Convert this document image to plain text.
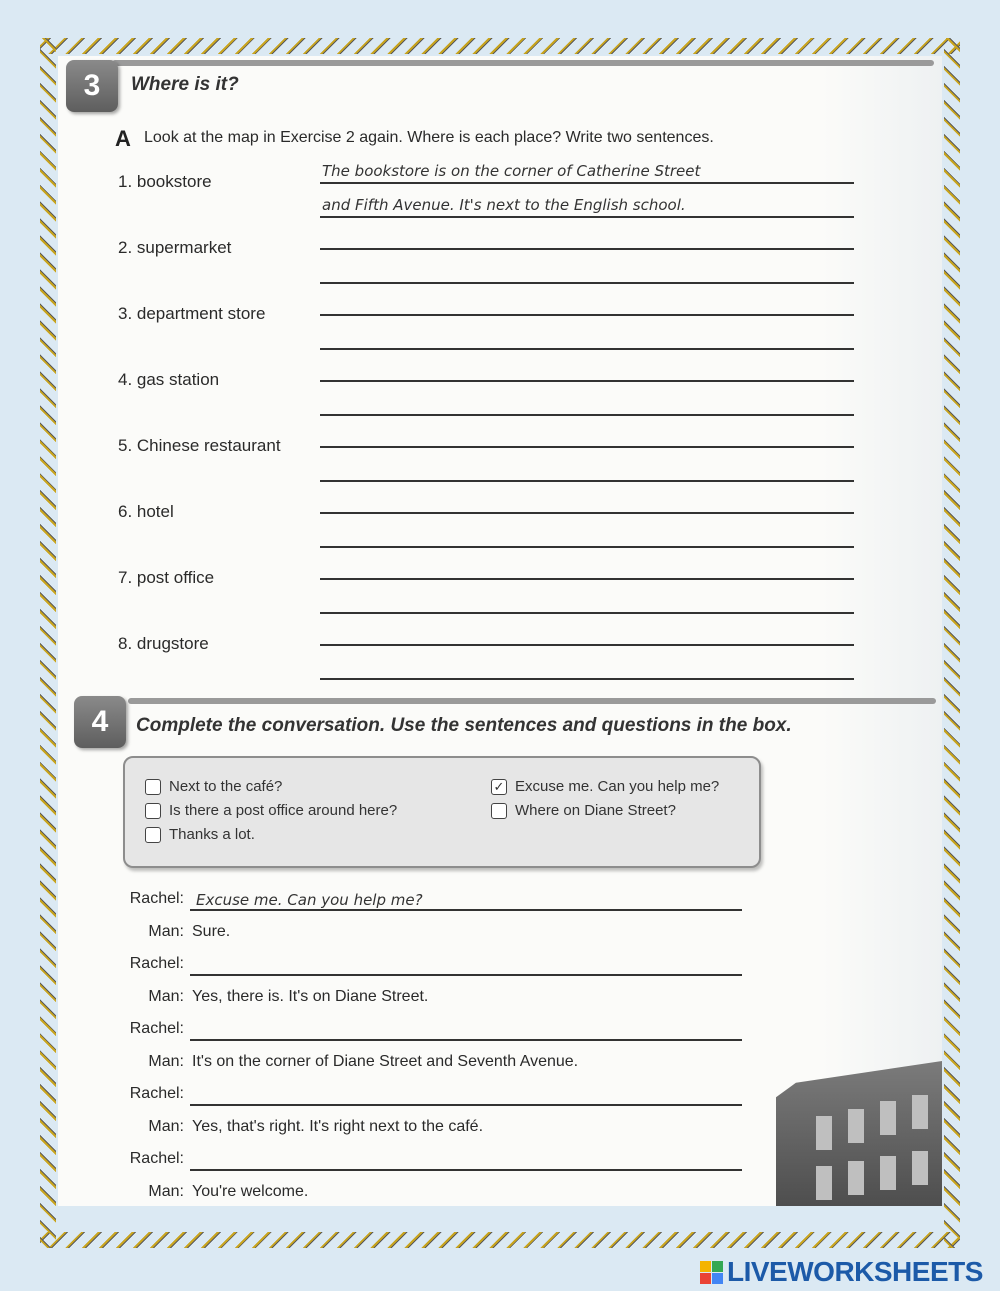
3	Where is it?
A Look at the map in Exercise 2 again. Where is each place? Write two sentences.
1. bookstore
The bookstore is on the corner of Catherine Street
and Fifth Avenue. It's next to the English school.
2. supermarket
3. department store
4. gas station
5. Chinese restaurant
6. hotel
7. post office
8. drugstore
4	Complete the conversation. Use the sentences and questions in the box.
Next to the café?
Is there a post office around here?
Thanks a lot.
✓ Excuse me. Can you help me?
Where on Diane Street?
Rachel: Excuse me. Can you help me?
Man: Sure.
Rachel:
Man: Yes, there is. It's on Diane Street.
Rachel:
Man: It's on the corner of Diane Street and Seventh Avenue.
Rachel:
Man: Yes, that's right. It's right next to the café.
Rachel:
Man: You're welcome.
LIVEWORKSHEETS
